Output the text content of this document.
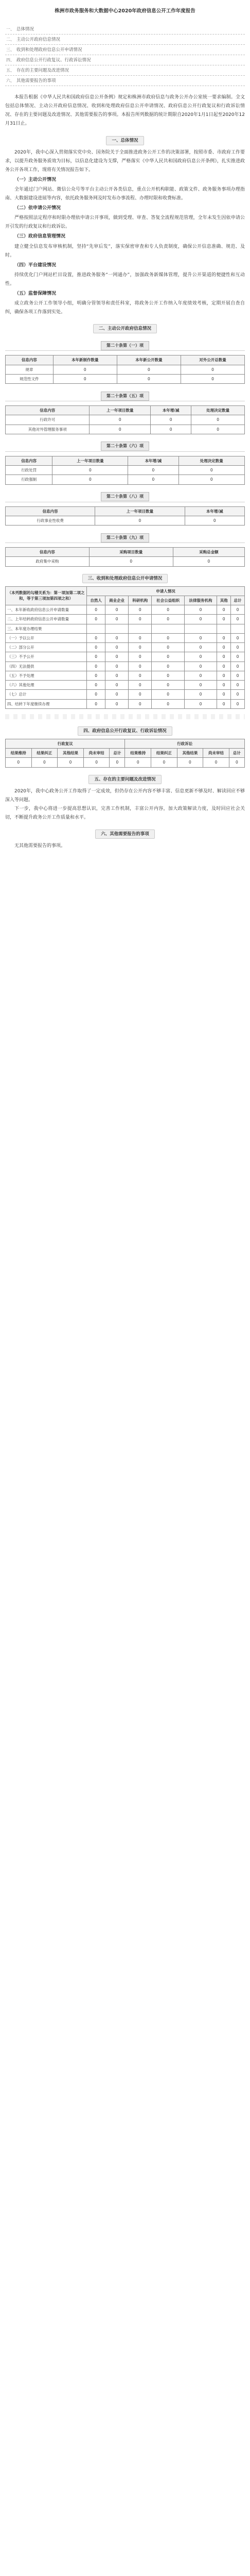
株洲市政务服务和大数据中心2020年政府信息公开工作年度报告
一、 总体情况
二、 主动公开政府信息情况
三、 收到和处理政府信息公开申请情况
四、 政府信息公开行政复议、行政诉讼情况
五、 存在的主要问题及改进情况
六、 其他需要报告的事项

本报告根据《中华人民共和国政府信息公开条例》规定和株洲市政府信息与政务公开办公室统一要求编制。全文包括总体情况、主动公开政府信息情况、收到和处理政府信息公开申请情况、政府信息公开行政复议和行政诉讼情况、存在的主要问题及改进情况、其他需要报告的事项。本报告所列数据的统计期限自2020年1月1日起至2020年12月31日止。

一、总体情况

2020年，我中心深入贯彻落实党中央、国务院关于全面推进政务公开工作的决策部署，按照市委、市政府工作要求，以提升政务服务质效为目标，以信息化建设为支撑，严格落实《中华人民共和国政府信息公开条例》，扎实推进政务公开各项工作，现将有关情况报告如下。

（一）主动公开情况

全年通过门户网站、微信公众号等平台主动公开各类信息，重点公开机构职能、政策文件、政务服务事项办理指南、大数据建设进展等内容，依托政务服务网及时发布办事流程、办理时限和收费标准。

（二）依申请公开情况

严格按照法定程序和时限办理依申请公开事项，做到受理、审查、答复全流程规范管理，全年未发生因依申请公开引发的行政复议和行政诉讼。

（三）政府信息管理情况

建立健全信息发布审核机制，坚持“先审后发”，落实保密审查和专人负责制度，确保公开信息准确、规范、及时。

（四）平台建设情况

持续优化门户网站栏目设置，推进政务服务“一网通办”，加强政务新媒体管理，提升公开渠道的便捷性和互动性。

（五）监督保障情况

成立政务公开工作领导小组，明确分管领导和责任科室，将政务公开工作纳入年度绩效考核，定期开展自查自纠，确保各项工作落到实处。

二、主动公开政府信息情况
第二十条第（一）项
信息内容	本年新制作数量	本年新公开数量	对外公开总数量
规章	0	0	0
规范性文件	0	0	0
第二十条第（五）项
信息内容	上一年项目数量	本年增/减	处理决定数量
行政许可	0	0	0
其他对外管理服务事项	0	0	0
第二十条第（六）项
信息内容	上一年项目数量	本年增/减	处理决定数量
行政处罚	0	0	0
行政强制	0	0	0
第二十条第（八）项
信息内容	上一年项目数量	本年增/减
行政事业性收费	0	0
第二十条第（九）项
信息内容	采购项目数量	采购总金额
政府集中采购	0	0
三、收到和处理政府信息公开申请情况
（本列数据的勾稽关系为：第一项加第二项之和，等于第三项加第四项之和）	申请人情况						
	自然人	商业企业	科研机构	社会公益组织	法律服务机构	其他	总计
一、本年新收政府信息公开申请数量	0	0	0	0	0	0	0
二、上年结转政府信息公开申请数量	0	0	0	0	0	0	0
三、本年度办理结果							
（一）予以公开	0	0	0	0	0	0	0
（二）部分公开	0	0	0	0	0	0	0
（三）不予公开	0	0	0	0	0	0	0
（四）无法提供	0	0	0	0	0	0	0
（五）不予处理	0	0	0	0	0	0	0
（六）其他处理	0	0	0	0	0	0	0
（七）总计	0	0	0	0	0	0	0
四、结转下年度继续办理	0	0	0	0	0	0	0
四、政府信息公开行政复议、行政诉讼情况
行政复议					行政诉讼				
结果维持	结果纠正	其他结果	尚未审结	总计	结果维持	结果纠正	其他结果	尚未审结	总计
0	0	0	0	0	0	0	0	0	0
五、存在的主要问题及改进情况

2020年，我中心政务公开工作取得了一定成效，但仍存在公开内容不够丰富、信息更新不够及时、解读回应不够深入等问题。

下一步，我中心将进一步提高思想认识，完善工作机制，丰富公开内容，加大政策解读力度，及时回应社会关切，不断提升政务公开工作质量和水平。

六、其他需要报告的事项

无其他需要报告的事项。
